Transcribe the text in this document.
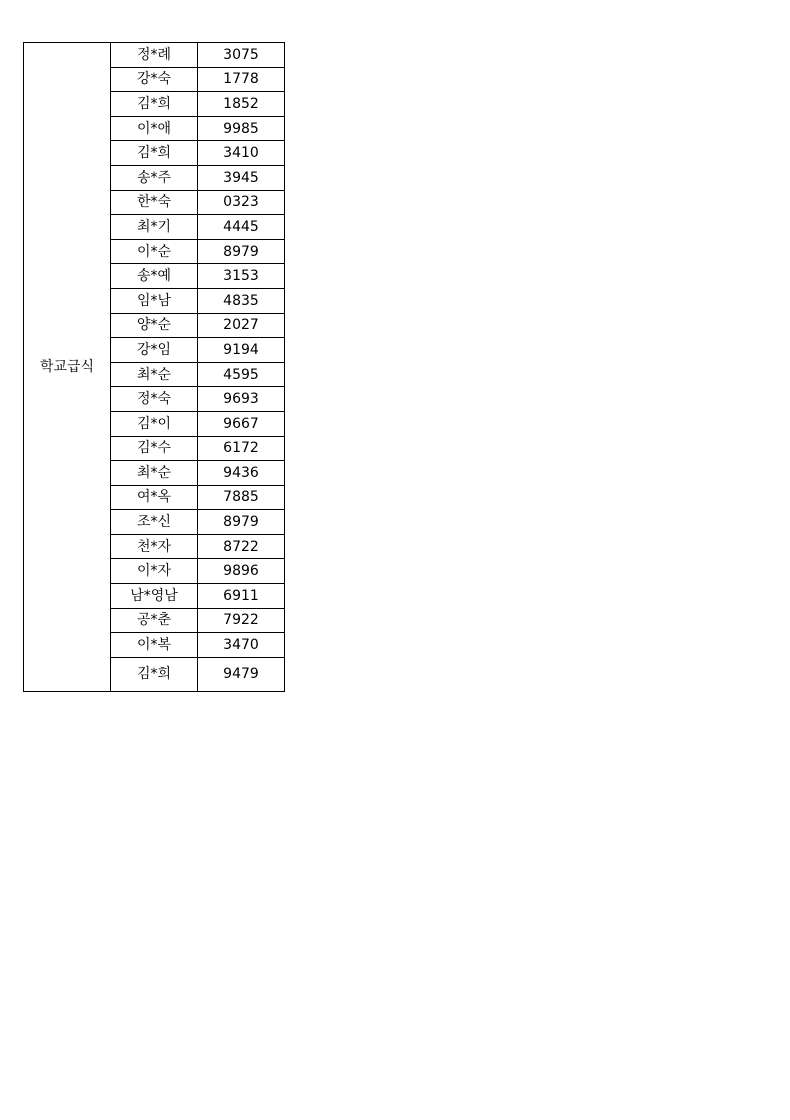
학교급식	정*례	3075
	강*숙	1778
	김*희	1852
	이*애	9985
	김*희	3410
	송*주	3945
	한*숙	0323
	최*기	4445
	이*순	8979
	송*예	3153
	임*남	4835
	양*순	2027
	강*임	9194
	최*순	4595
	정*숙	9693
	김*이	9667
	김*수	6172
	최*순	9436
	여*옥	7885
	조*신	8979
	천*자	8722
	이*자	9896
	남*영남	6911
	공*춘	7922
	이*복	3470
	김*희	9479
